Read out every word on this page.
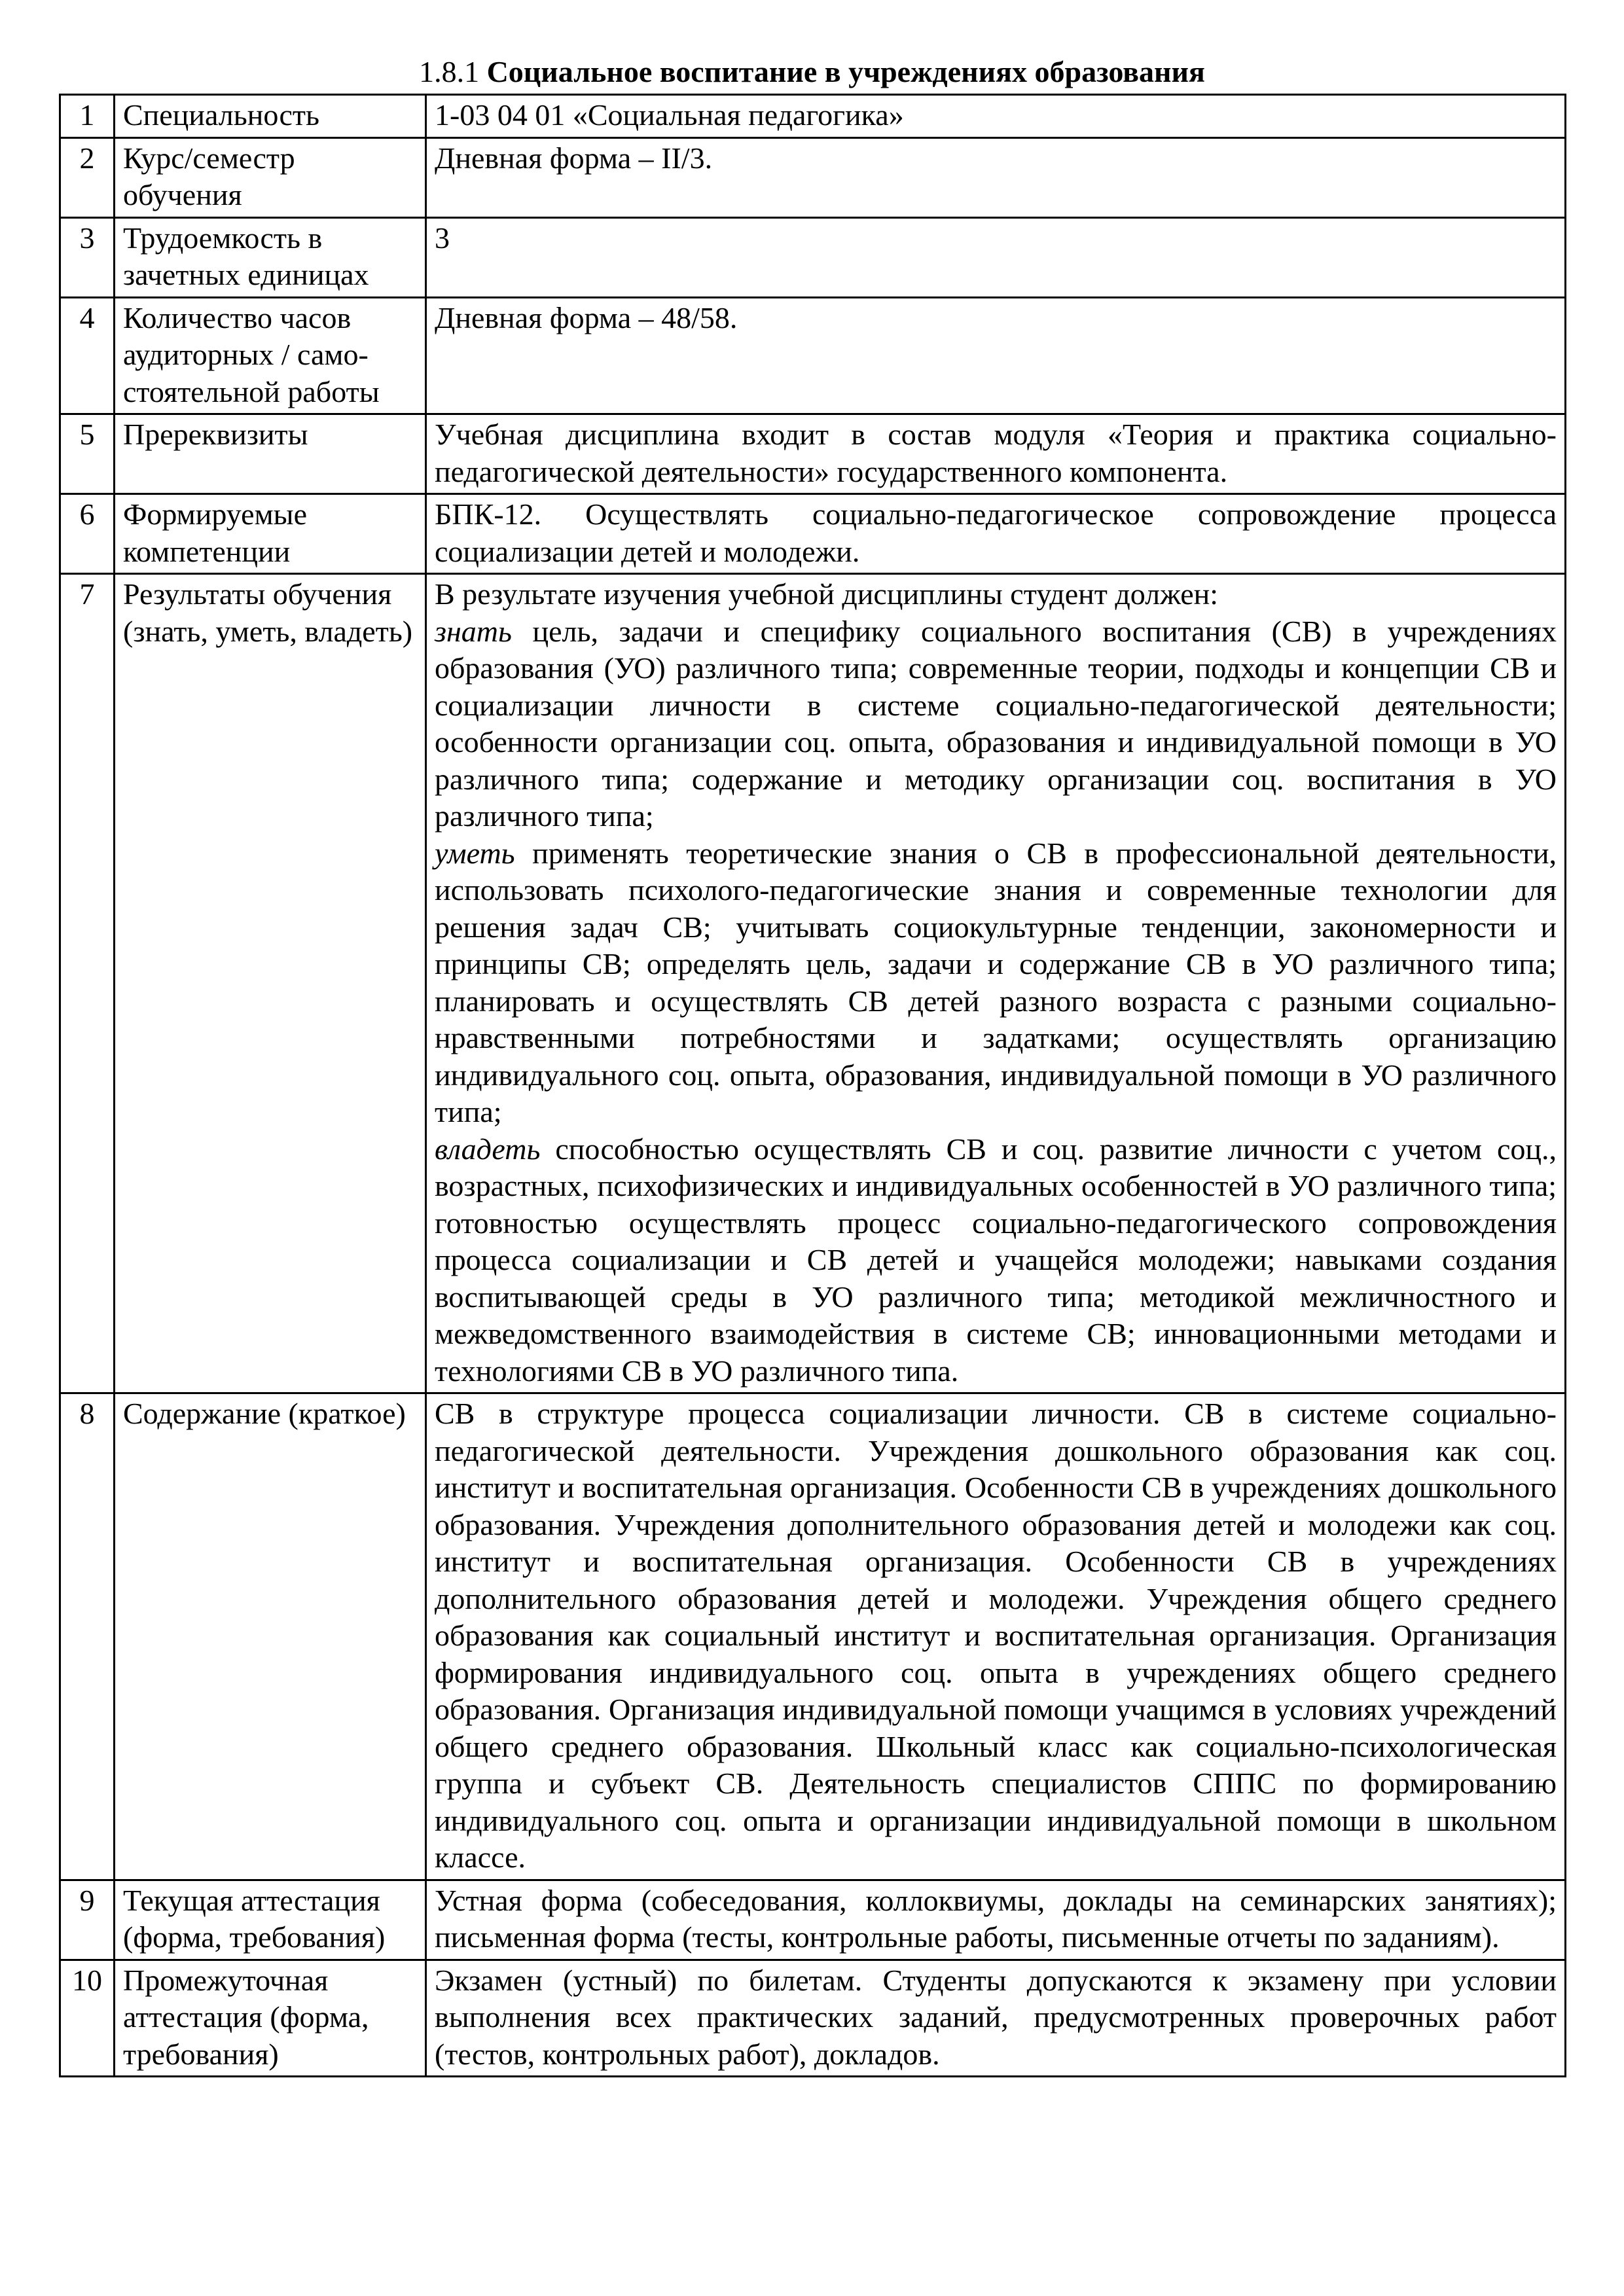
1.8.1 Социальное воспитание в учреждениях образования
1	Специальность	1-03 04 01 «Социальная педагогика»
2	Курс/семестр обучения	Дневная форма – II/3.
3	Трудоемкость в зачетных единицах	3
4	Количество часов аудиторных / само-стоятельной работы	Дневная форма – 48/58.
5	Пререквизиты	Учебная дисциплина входит в состав модуля «Теория и практика социально-педагогической деятельности» государственного компонента.
6	Формируемые компетенции	БПК-12. Осуществлять социально-педагогическое сопровождение процесса социализации детей и молодежи.
7	Результаты обучения (знать, уметь, владеть)	В результате изучения учебной дисциплины студент должен:

знать цель, задачи и специфику социального воспитания (СВ) в учреждениях образования (УО) различного типа; современные теории, подходы и концепции СВ и социализации личности в системе социально-педагогической деятельности; особенности организации соц. опыта, образования и индивидуальной помощи в УО различного типа; содержание и методику организации соц. воспитания в УО различного типа;

уметь применять теоретические знания о СВ в профессиональной деятельности, использовать психолого-педагогические знания и современные технологии для решения задач СВ; учитывать социокультурные тенденции, закономерности и принципы СВ; определять цель, задачи и содержание СВ в УО различного типа; планировать и осуществлять СВ детей разного возраста с разными социально-нравственными потребностями и задатками; осуществлять организацию индивидуального соц. опыта, образования, индивидуальной помощи в УО различного типа;

владеть способностью осуществлять СВ и соц. развитие личности с учетом соц., возрастных, психофизических и индивидуальных особенностей в УО различного типа; готовностью осуществлять процесс социально-педагогического сопровождения процесса социализации и СВ детей и учащейся молодежи; навыками создания воспитывающей среды в УО различного типа; методикой межличностного и межведомственного взаимодействия в системе СВ; инновационными методами и технологиями СВ в УО различного типа.

8	Содержание (краткое)	СВ в структуре процесса социализации личности. СВ в системе социально-педагогической деятельности. Учреждения дошкольного образования как соц. институт и воспитательная организация. Особенности СВ в учреждениях дошкольного образования. Учреждения дополнительного образования детей и молодежи как соц. институт и воспитательная организация. Особенности СВ в учреждениях дополнительного образования детей и молодежи. Учреждения общего среднего образования как социальный институт и воспитательная организация. Организация формирования индивидуального соц. опыта в учреждениях общего среднего образования. Организация индивидуальной помощи учащимся в условиях учреждений общего среднего образования. Школьный класс как социально-психологическая группа и субъект СВ. Деятельность специалистов СППС по формированию индивидуального соц. опыта и организации индивидуальной помощи в школьном классе.
9	Текущая аттестация (форма, требования)	Устная форма (собеседования, коллоквиумы, доклады на семинарских занятиях); письменная форма (тесты, контрольные работы, письменные отчеты по заданиям).
10	Промежуточная аттестация (форма, требования)	Экзамен (устный) по билетам. Студенты допускаются к экзамену при условии выполнения всех практических заданий, предусмотренных проверочных работ (тестов, контрольных работ), докладов.
